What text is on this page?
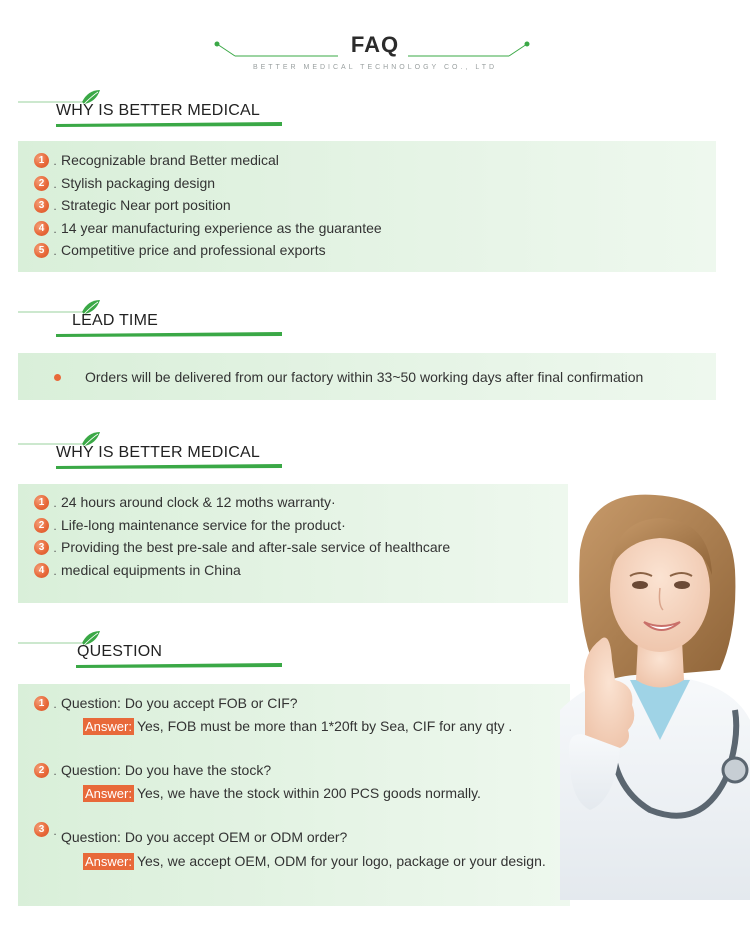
FAQ
BETTER MEDICAL TECHNOLOGY CO., LTD
WHY IS BETTER MEDICAL
1 . Recognizable brand Better medical
2 . Stylish packaging design
3 . Strategic Near port position
4 . 14 year manufacturing experience as the guarantee
5 . Competitive price and professional exports
LEAD TIME
Orders will be delivered from our factory within 33~50 working days after final confirmation
WHY IS BETTER MEDICAL
1 . 24 hours around clock & 12 moths warranty·
2 . Life-long maintenance service for the product·
3 . Providing the best pre-sale and after-sale service of healthcare
4 . medical equipments in China
QUESTION
1 . Question: Do you accept FOB or CIF?
Answer: Yes, FOB must be more than 1*20ft by Sea, CIF for any qty .
2 . Question: Do you have the stock?
Answer: Yes, we have the stock within 200 PCS goods normally.
3 . Question: Do you accept OEM or ODM order?
Answer: Yes, we accept OEM, ODM for your logo, package or your design.
